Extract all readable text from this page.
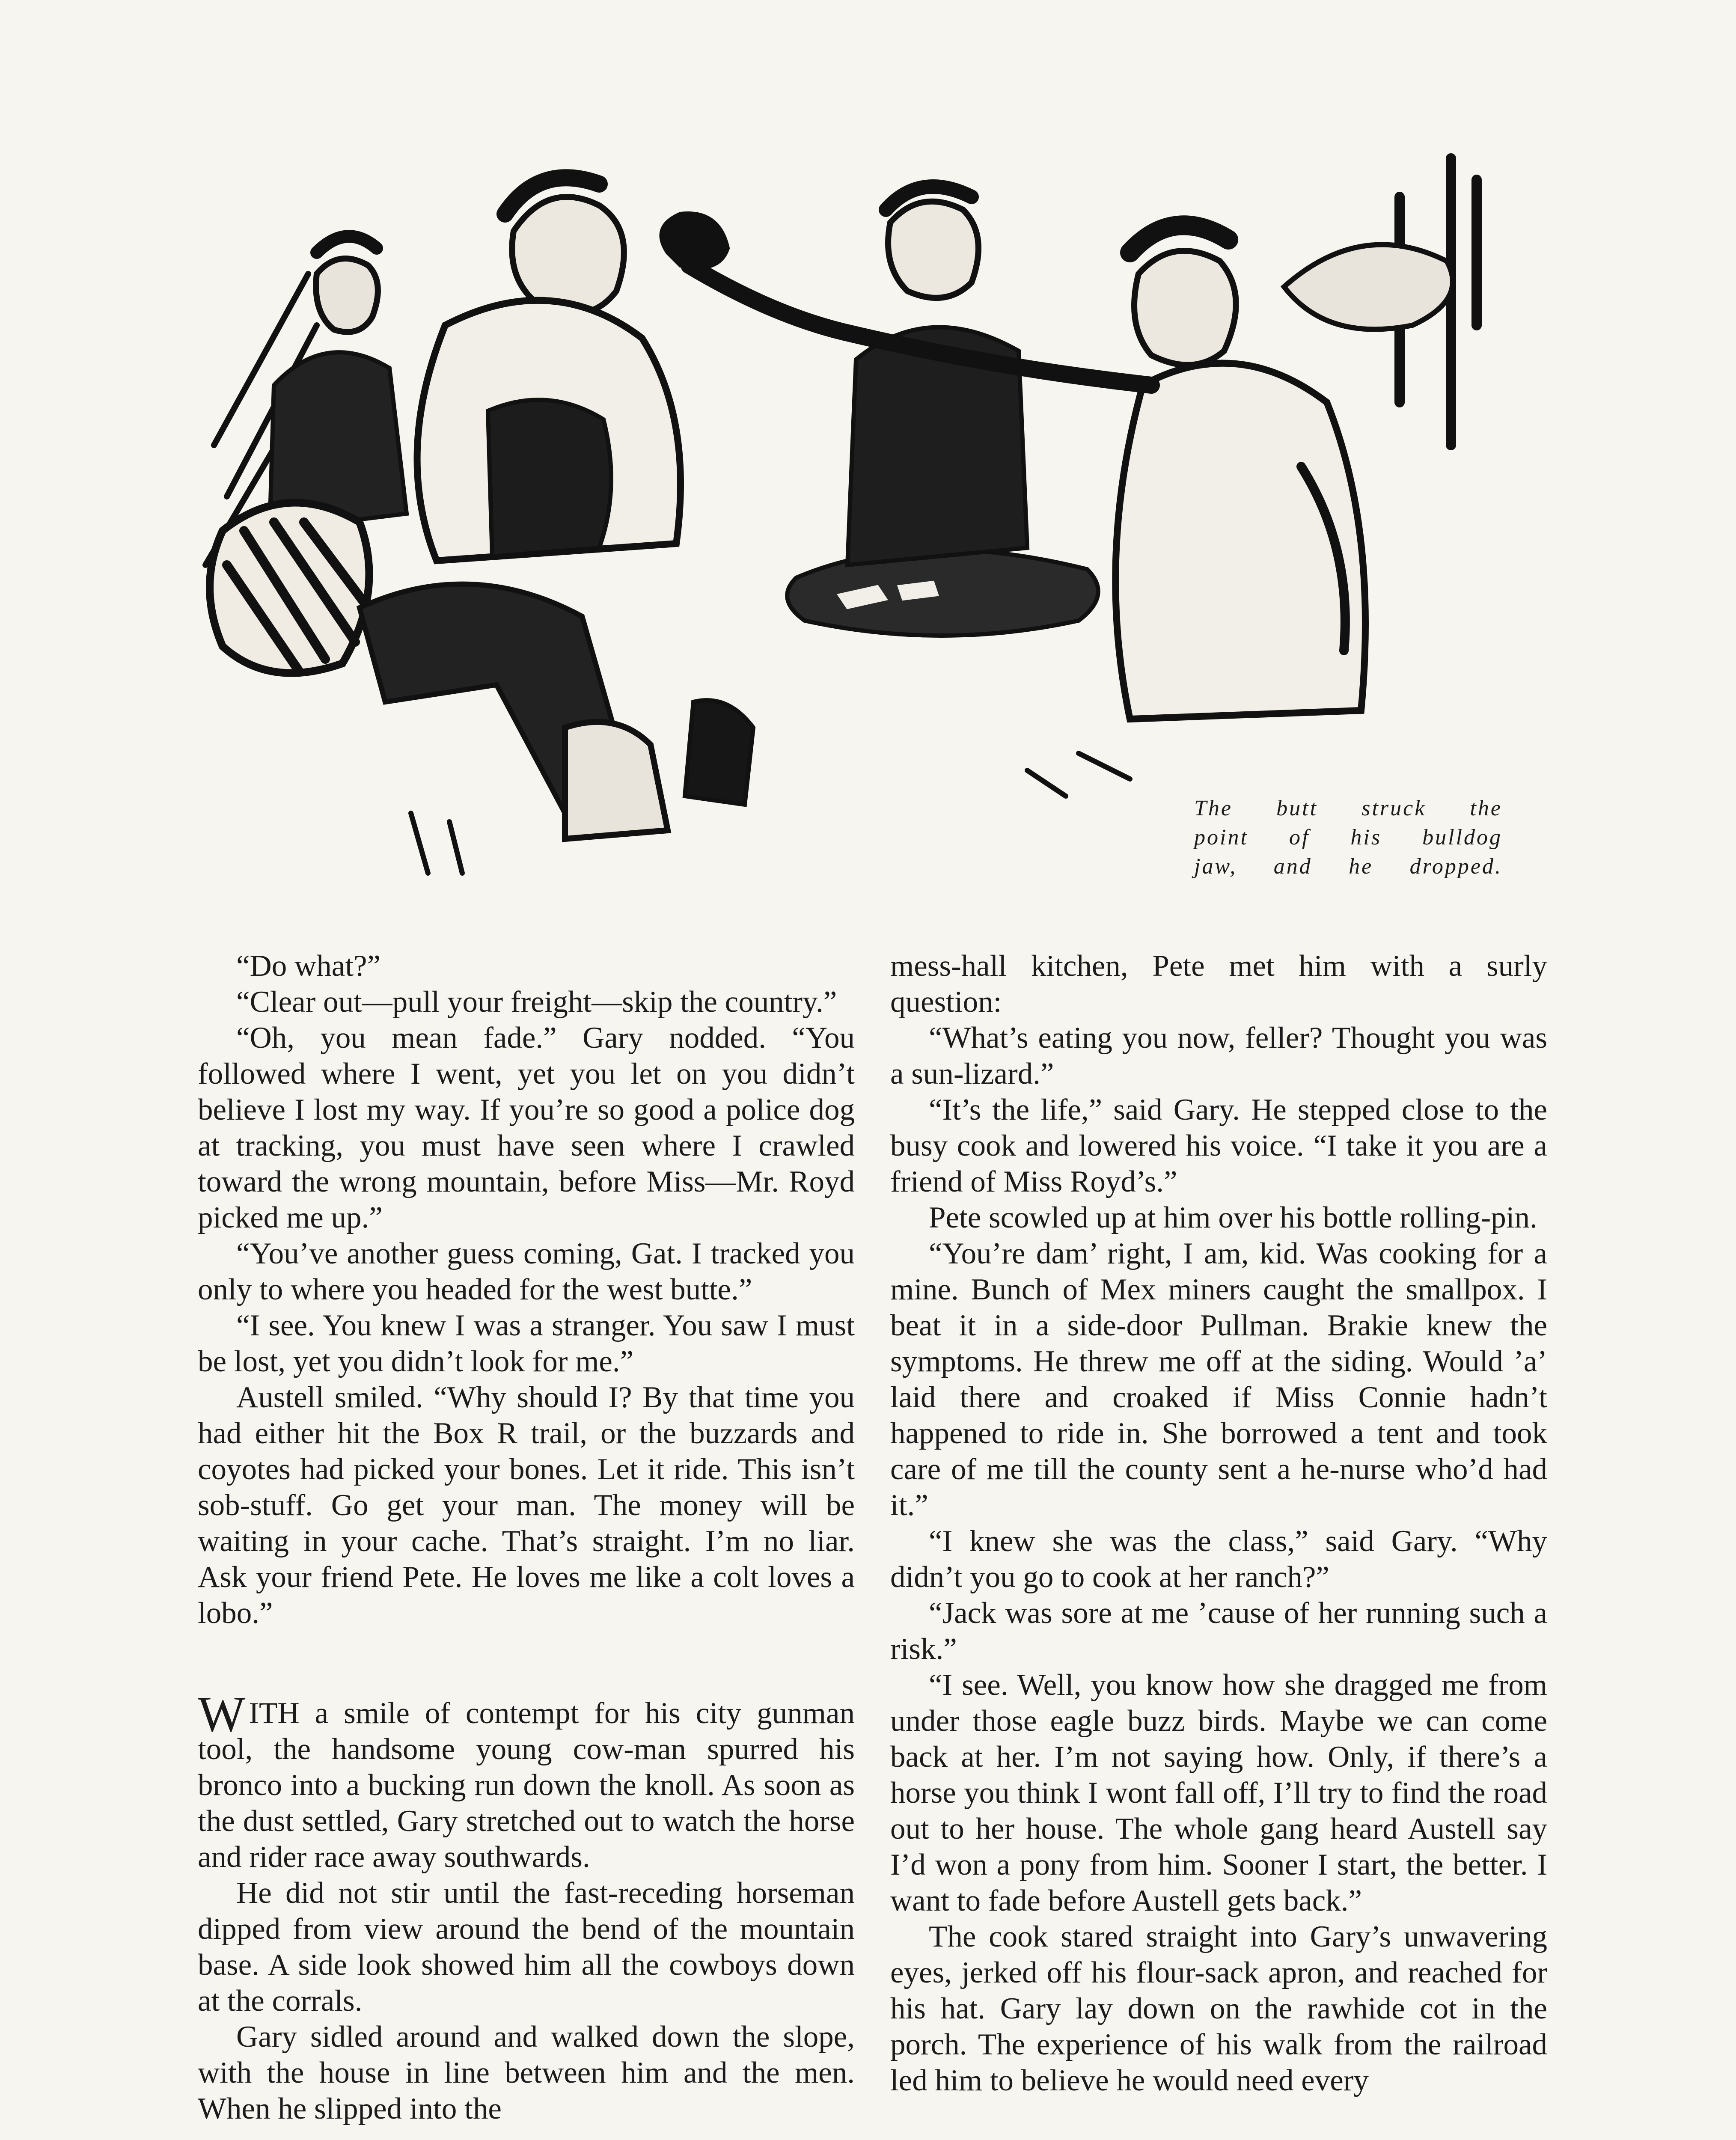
The butt struck the
point of his bulldog
jaw, and he dropped.

“Do what?”

“Clear out—pull your freight—skip the country.”

“Oh, you mean fade.” Gary nodded. “You followed where I went, yet you let on you didn’t believe I lost my way. If you’re so good a police dog at tracking, you must have seen where I crawled toward the wrong mountain, before Miss—Mr. Royd picked me up.”

“You’ve another guess coming, Gat. I tracked you only to where you headed for the west butte.”

“I see. You knew I was a stranger. You saw I must be lost, yet you didn’t look for me.”

Austell smiled. “Why should I? By that time you had either hit the Box R trail, or the buzzards and coyotes had picked your bones. Let it ride. This isn’t sob-stuff. Go get your man. The money will be waiting in your cache. That’s straight. I’m no liar. Ask your friend Pete. He loves me like a colt loves a lobo.”

WITH a smile of contempt for his city gunman tool, the handsome young cow-man spurred his bronco into a bucking run down the knoll. As soon as the dust settled, Gary stretched out to watch the horse and rider race away southwards.

He did not stir until the fast-receding horseman dipped from view around the bend of the mountain base. A side look showed him all the cowboys down at the corrals.

Gary sidled around and walked down the slope, with the house in line between him and the men. When he slipped into the

mess-hall kitchen, Pete met him with a surly question:

“What’s eating you now, feller? Thought you was a sun-lizard.”

“It’s the life,” said Gary. He stepped close to the busy cook and lowered his voice. “I take it you are a friend of Miss Royd’s.”

Pete scowled up at him over his bottle rolling-pin.

“You’re dam’ right, I am, kid. Was cooking for a mine. Bunch of Mex miners caught the smallpox. I beat it in a side-door Pullman. Brakie knew the symptoms. He threw me off at the siding. Would ’a’ laid there and croaked if Miss Connie hadn’t happened to ride in. She borrowed a tent and took care of me till the county sent a he-nurse who’d had it.”

“I knew she was the class,” said Gary. “Why didn’t you go to cook at her ranch?”

“Jack was sore at me ’cause of her running such a risk.”

“I see. Well, you know how she dragged me from under those eagle buzz birds. Maybe we can come back at her. I’m not saying how. Only, if there’s a horse you think I wont fall off, I’ll try to find the road out to her house. The whole gang heard Austell say I’d won a pony from him. Sooner I start, the better. I want to fade before Austell gets back.”

The cook stared straight into Gary’s unwavering eyes, jerked off his flour-sack apron, and reached for his hat. Gary lay down on the rawhide cot in the porch. The experience of his walk from the railroad led him to believe he would need every
